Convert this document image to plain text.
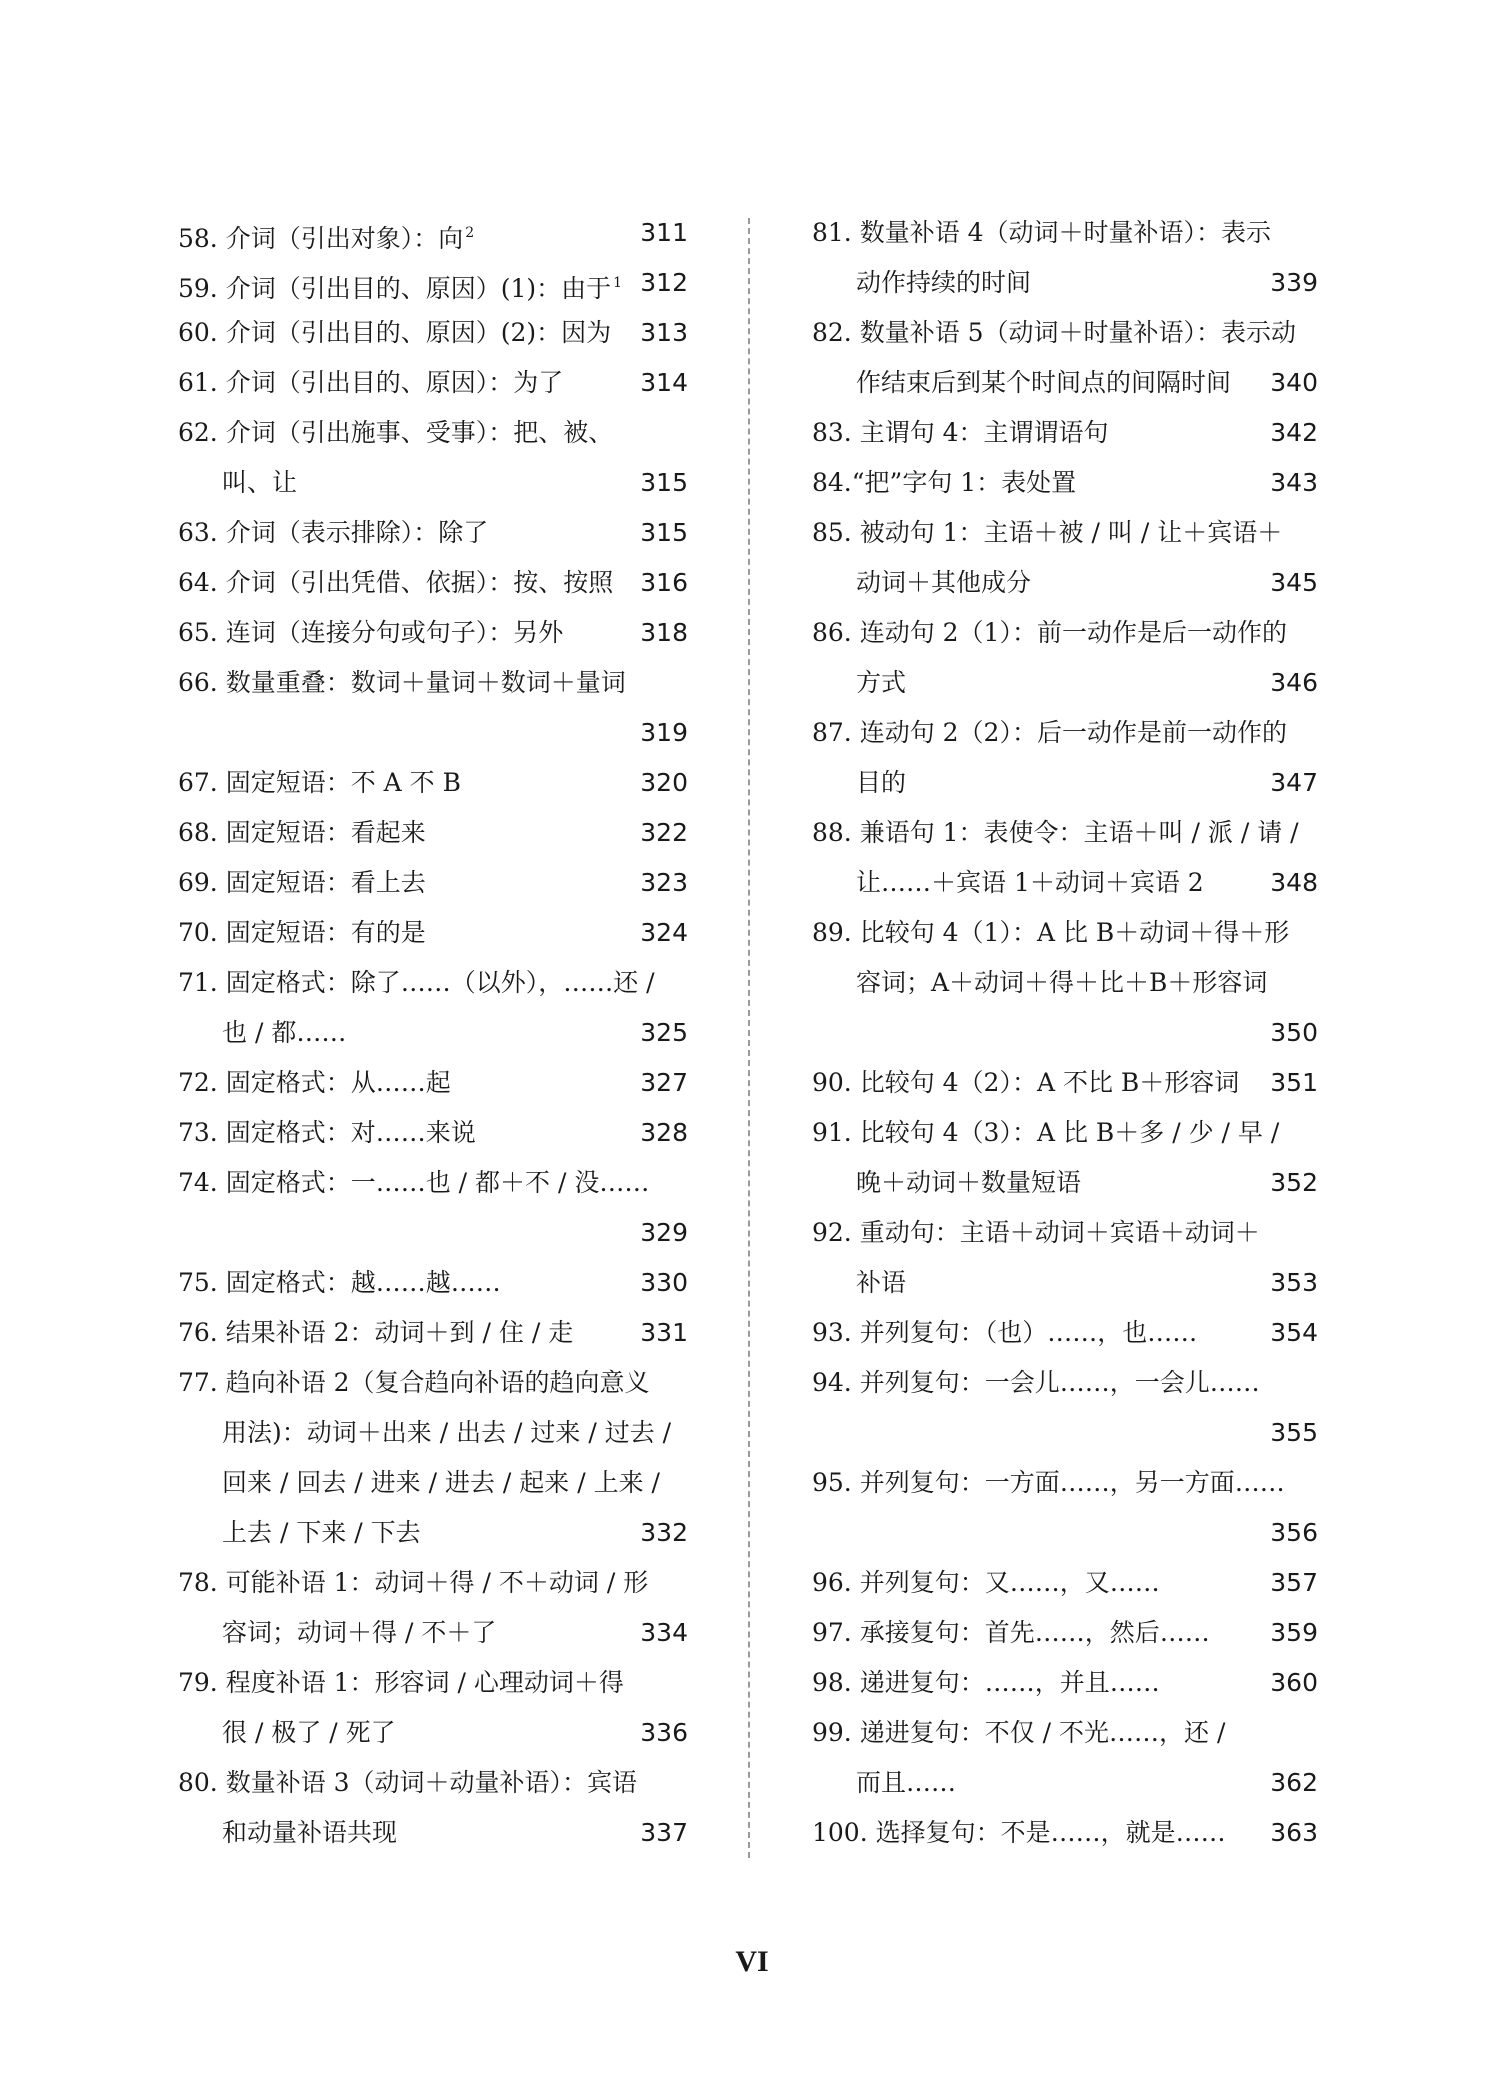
58. 介词（引出对象）：向 $^2$	311
59. 介词（引出目的、原因）(1)：由于 $^1$ 312
60. 介词（引出目的、原因）(2)：因为	313
61. 介词（引出目的、原因）：为了	314
62. 介词（引出施事、受事）：把、被、
叫、让	315
63. 介词（表示排除）：除了	315
64. 介词（引出凭借、依据）：按、按照	316
65. 连词（连接分句或句子）：另外	318
66. 数量重叠：数词＋量词＋数词＋量词
319
67. 固定短语：不 A 不 B	320
68. 固定短语：看起来	322
69. 固定短语：看上去	323
70. 固定短语：有的是	324
71. 固定格式：除了……（以外），……还 /
也 / 都……	325
72. 固定格式：从……起	327
73. 固定格式：对……来说	328
74. 固定格式：一……也 / 都＋不 / 没……
329
75. 固定格式：越……越……	330
76. 结果补语 2：动词＋到 / 住 / 走	331
77. 趋向补语 2（复合趋向补语的趋向意义
用法)：动词＋出来 / 出去 / 过来 / 过去 /
回来 / 回去 / 进来 / 进去 / 起来 / 上来 /
上去 / 下来 / 下去	332
78. 可能补语 1：动词＋得 / 不＋动词 / 形
容词；动词＋得 / 不＋了	334
79. 程度补语 1：形容词 / 心理动词＋得
很 / 极了 / 死了	336
80. 数量补语 3（动词＋动量补语）：宾语
和动量补语共现	337
81. 数量补语 4（动词＋时量补语）：表示
动作持续的时间	339
82. 数量补语 5（动词＋时量补语）：表示动
作结束后到某个时间点的间隔时间	340
83. 主谓句 4：主谓谓语句	342
84.“把”字句 1：表处置	343
85. 被动句 1：主语＋被 / 叫 / 让＋宾语＋
动词＋其他成分	345
86. 连动句 2（1）：前一动作是后一动作的
方式	346
87. 连动句 2（2）：后一动作是前一动作的
目的	347
88. 兼语句 1：表使令：主语＋叫 / 派 / 请 /
让……＋宾语 1＋动词＋宾语 2	348
89. 比较句 4（1）：A 比 B＋动词＋得＋形
容词；A＋动词＋得＋比＋B＋形容词
350
90. 比较句 4（2）：A 不比 B＋形容词	351
91. 比较句 4（3）：A 比 B＋多 / 少 / 早 /
晚＋动词＋数量短语	352
92. 重动句：主语＋动词＋宾语＋动词＋
补语	353
93. 并列复句：（也）……，也……	354
94. 并列复句：一会儿……，一会儿……
355
95. 并列复句：一方面……，另一方面……
356
96. 并列复句：又……，又……	357
97. 承接复句：首先……，然后……	359
98. 递进复句：……，并且……	360
99. 递进复句：不仅 / 不光……，还 /
而且……	362
100. 选择复句：不是……，就是……	363
VI
